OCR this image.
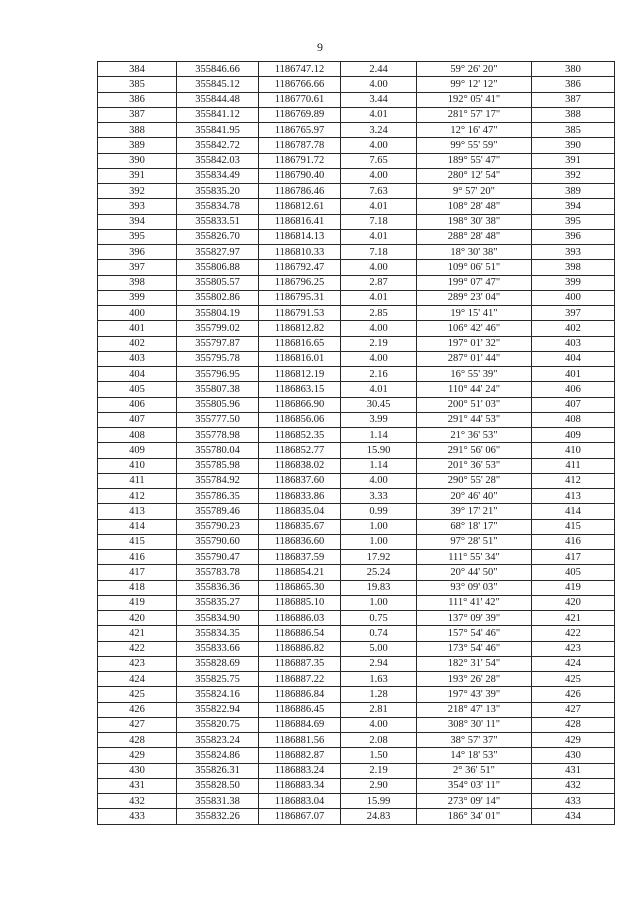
9
384	355846.66	1186747.12	2.44	59° 26' 20"	380
385	355845.12	1186766.66	4.00	99° 12' 12"	386
386	355844.48	1186770.61	3.44	192° 05' 41"	387
387	355841.12	1186769.89	4.01	281° 57' 17"	388
388	355841.95	1186765.97	3.24	12° 16' 47"	385
389	355842.72	1186787.78	4.00	99° 55' 59"	390
390	355842.03	1186791.72	7.65	189° 55' 47"	391
391	355834.49	1186790.40	4.00	280° 12' 54"	392
392	355835.20	1186786.46	7.63	9° 57' 20"	389
393	355834.78	1186812.61	4.01	108° 28' 48"	394
394	355833.51	1186816.41	7.18	198° 30' 38"	395
395	355826.70	1186814.13	4.01	288° 28' 48"	396
396	355827.97	1186810.33	7.18	18° 30' 38"	393
397	355806.88	1186792.47	4.00	109° 06' 51"	398
398	355805.57	1186796.25	2.87	199° 07' 47"	399
399	355802.86	1186795.31	4.01	289° 23' 04"	400
400	355804.19	1186791.53	2.85	19° 15' 41"	397
401	355799.02	1186812.82	4.00	106° 42' 46"	402
402	355797.87	1186816.65	2.19	197° 01' 32"	403
403	355795.78	1186816.01	4.00	287° 01' 44"	404
404	355796.95	1186812.19	2.16	16° 55' 39"	401
405	355807.38	1186863.15	4.01	110° 44' 24"	406
406	355805.96	1186866.90	30.45	200° 51' 03"	407
407	355777.50	1186856.06	3.99	291° 44' 53"	408
408	355778.98	1186852.35	1.14	21° 36' 53"	409
409	355780.04	1186852.77	15.90	291° 56' 06"	410
410	355785.98	1186838.02	1.14	201° 36' 53"	411
411	355784.92	1186837.60	4.00	290° 55' 28"	412
412	355786.35	1186833.86	3.33	20° 46' 40"	413
413	355789.46	1186835.04	0.99	39° 17' 21"	414
414	355790.23	1186835.67	1.00	68° 18' 17"	415
415	355790.60	1186836.60	1.00	97° 28' 51"	416
416	355790.47	1186837.59	17.92	111° 55' 34"	417
417	355783.78	1186854.21	25.24	20° 44' 50"	405
418	355836.36	1186865.30	19.83	93° 09' 03"	419
419	355835.27	1186885.10	1.00	111° 41' 42"	420
420	355834.90	1186886.03	0.75	137° 09' 39"	421
421	355834.35	1186886.54	0.74	157° 54' 46"	422
422	355833.66	1186886.82	5.00	173° 54' 46"	423
423	355828.69	1186887.35	2.94	182° 31' 54"	424
424	355825.75	1186887.22	1.63	193° 26' 28"	425
425	355824.16	1186886.84	1.28	197° 43' 39"	426
426	355822.94	1186886.45	2.81	218° 47' 13"	427
427	355820.75	1186884.69	4.00	308° 30' 11"	428
428	355823.24	1186881.56	2.08	38° 57' 37"	429
429	355824.86	1186882.87	1.50	14° 18' 53"	430
430	355826.31	1186883.24	2.19	2° 36' 51"	431
431	355828.50	1186883.34	2.90	354° 03' 11"	432
432	355831.38	1186883.04	15.99	273° 09' 14"	433
433	355832.26	1186867.07	24.83	186° 34' 01"	434
